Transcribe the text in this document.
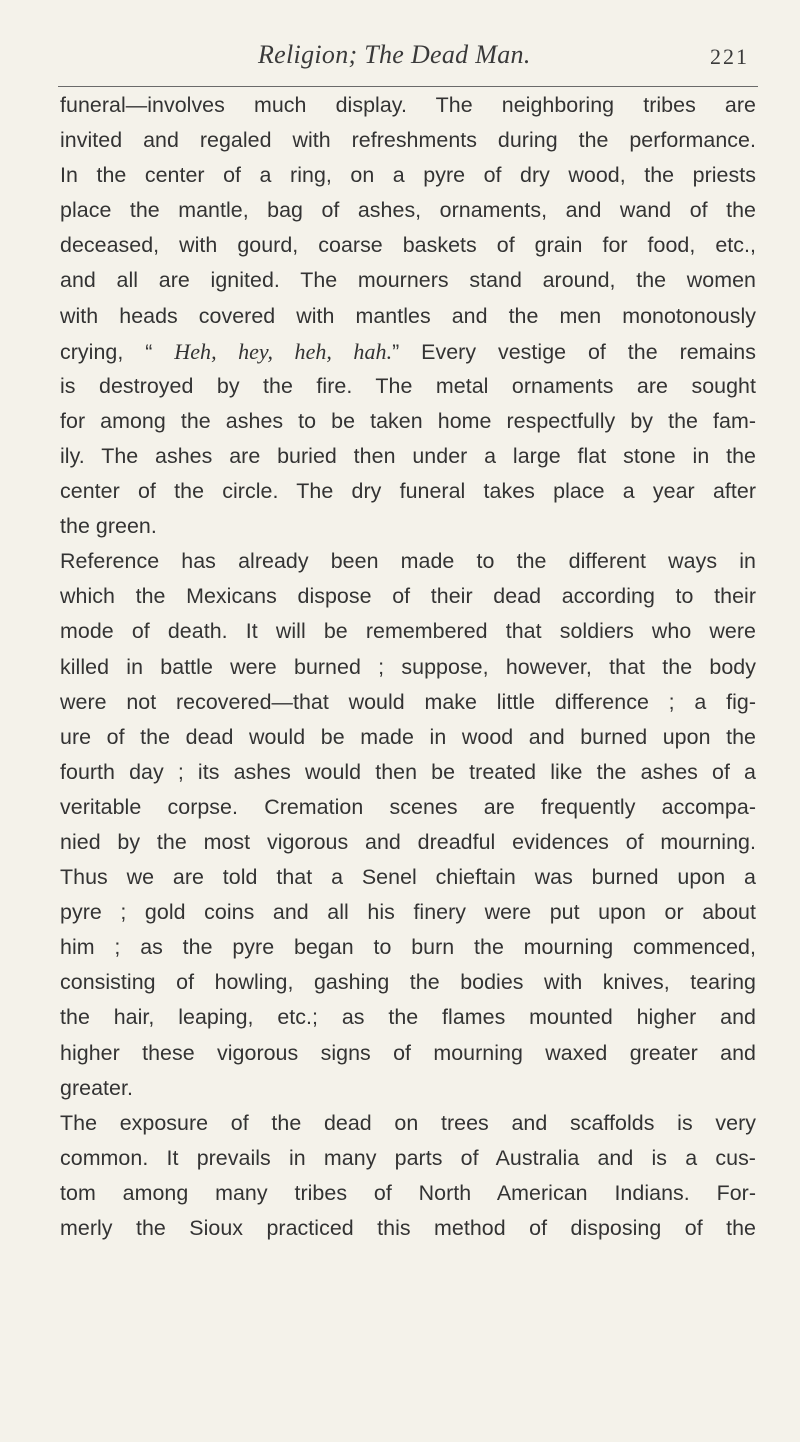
Religion; The Dead Man.	221
funeral—involves much display. The neighboring tribes are
invited and regaled with refreshments during the performance.
In the center of a ring, on a pyre of dry wood, the priests
place the mantle, bag of ashes, ornaments, and wand of the
deceased, with gourd, coarse baskets of grain for food, etc.,
and all are ignited. The mourners stand around, the women
with heads covered with mantles and the men monotonously
crying, “ Heh, hey, heh, hah.” Every vestige of the remains
is destroyed by the fire. The metal ornaments are sought
for among the ashes to be taken home respectfully by the fam-
ily. The ashes are buried then under a large flat stone in the
center of the circle. The dry funeral takes place a year after
the green.
Reference has already been made to the different ways in
which the Mexicans dispose of their dead according to their
mode of death. It will be remembered that soldiers who were
killed in battle were burned ; suppose, however, that the body
were not recovered—that would make little difference ; a fig-
ure of the dead would be made in wood and burned upon the
fourth day ; its ashes would then be treated like the ashes of a
veritable corpse. Cremation scenes are frequently accompa-
nied by the most vigorous and dreadful evidences of mourning.
Thus we are told that a Senel chieftain was burned upon a
pyre ; gold coins and all his finery were put upon or about
him ; as the pyre began to burn the mourning commenced,
consisting of howling, gashing the bodies with knives, tearing
the hair, leaping, etc.; as the flames mounted higher and
higher these vigorous signs of mourning waxed greater and
greater.
The exposure of the dead on trees and scaffolds is very
common. It prevails in many parts of Australia and is a cus-
tom among many tribes of North American Indians. For-
merly the Sioux practiced this method of disposing of the
